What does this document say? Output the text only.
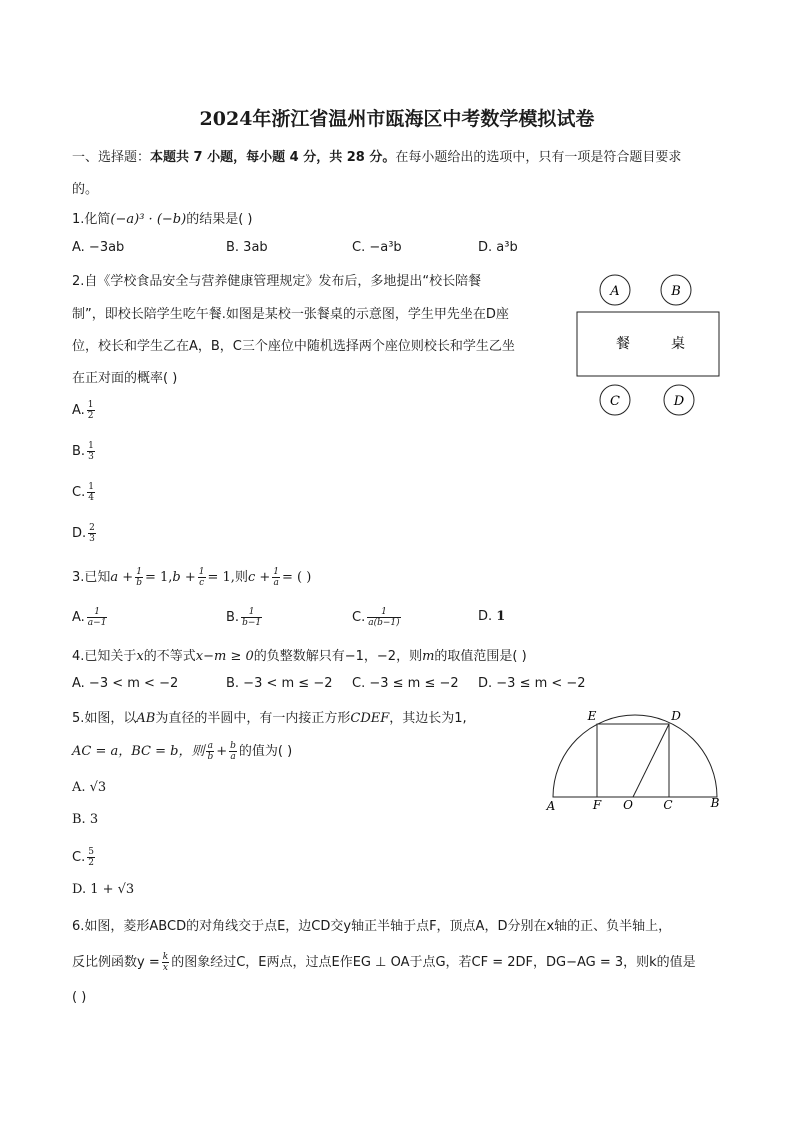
2024年浙江省温州市瓯海区中考数学模拟试卷
一、选择题：本题共 7 小题，每小题 4 分，共 28 分。在每小题给出的选项中，只有一项是符合题目要求
的。
1.化简(−a)³ · (−b)的结果是( )
A. −3ab	B. 3ab	C. −a³b	D. a³b
2.自《学校食品安全与营养健康管理规定》发布后，多地提出“校长陪餐
制”，即校长陪学生吃午餐.如图是某校一张餐桌的示意图，学生甲先坐在D座
位，校长和学生乙在A，B，C三个座位中随机选择两个座位则校长和学生乙坐
在正对面的概率( )
A. $\frac{1}{2}$
B. $\frac{1}{3}$
C. $\frac{1}{4}$
D. $\frac{2}{3}$
A	B
餐	桌
C	D
3.已知$a + \frac{1}{b} = 1,b + \frac{1}{c} = 1$,则$c + \frac{1}{a}$ = ( )
A. $\frac{1}{a-1}$	B. $\frac{1}{b-1}$	C. $\frac{1}{a(b-1)}$	D. 1
4.已知关于x的不等式x−m ≥ 0的负整数解只有−1，−2，则m的取值范围是( )
A. −3 < m < −2	B. −3 < m ≤ −2 C. −3 ≤ m ≤ −2 D. −3 ≤ m < −2
5.如图，以AB为直径的半圆中，有一内接正方形CDEF，其边长为1,
AC = a，BC = b，则 $\frac{a}{b} + \frac{b}{a}$ 的值为( )
A. √3
B. 3
C. $\frac{5}{2}$
D. 1 + √3
E	D
A	F O	C	B
6.如图，菱形ABCD的对角线交于点E，边CD交y轴正半轴于点F，顶点A，D分别在x轴的正、负半轴上，
反比例函数$y = \frac{k}{x}$ 的图象经过C，E两点，过点E作EG ⊥ OA于点G，若CF = 2DF，DG−AG = 3，则k的值是
( )
